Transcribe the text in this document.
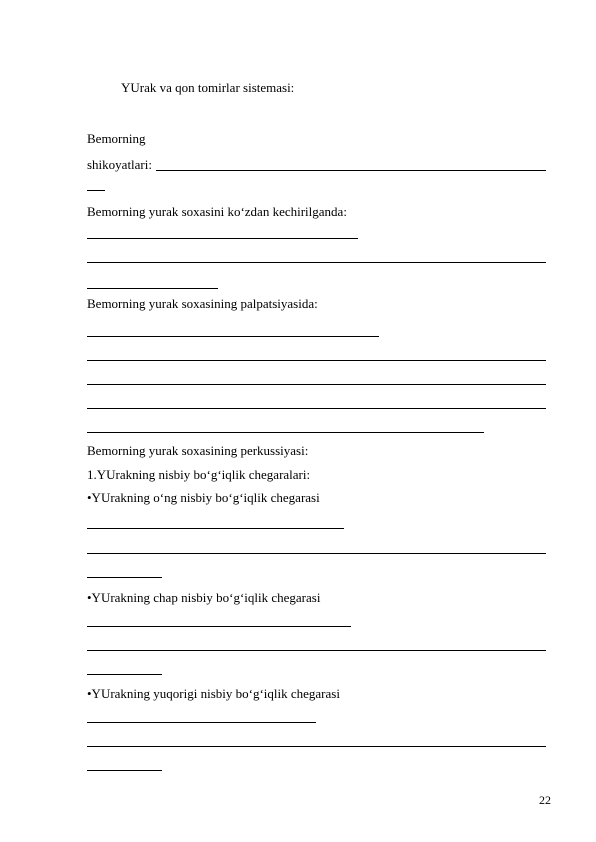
YUrak va qon tomirlar sistemasi:
Bemorning
shikoyatlari:
Bemorning yurak soxasini ko‘zdan kechirilganda:
Bemorning yurak soxasining palpatsiyasida:
Bemorning yurak soxasining perkussiyasi:
1.YUrakning nisbiy bo‘g‘iqlik chegaralari:
•YUrakning o‘ng nisbiy bo‘g‘iqlik chegarasi
•YUrakning chap nisbiy bo‘g‘iqlik chegarasi
•YUrakning yuqorigi nisbiy bo‘g‘iqlik chegarasi
22
